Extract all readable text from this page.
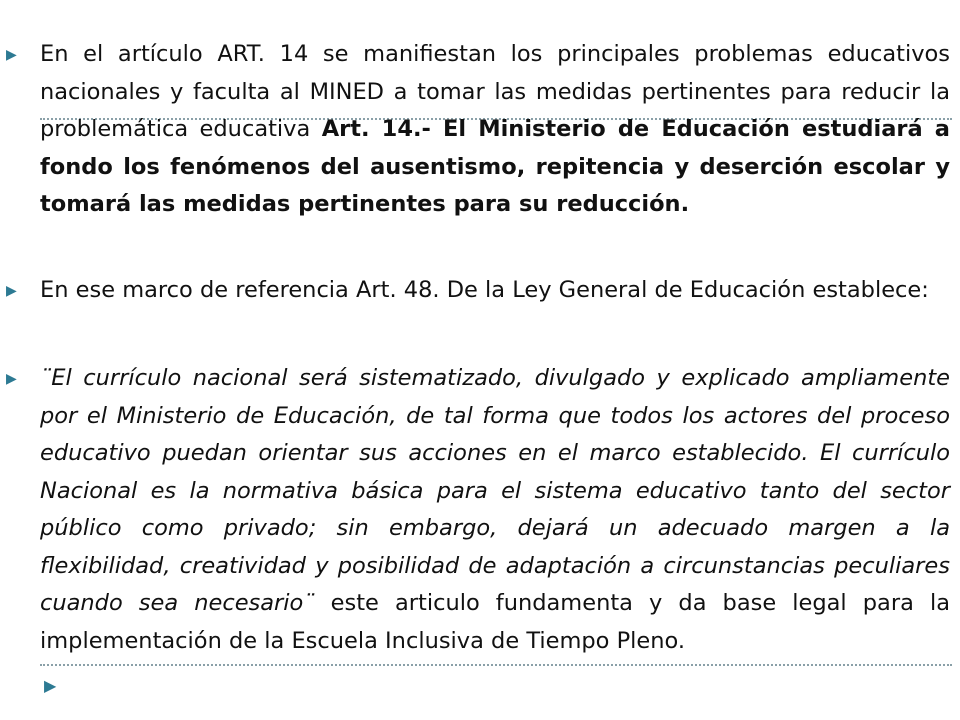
▶ En el artículo ART. 14 se manifiestan los principales problemas educativos nacionales y faculta al MINED a tomar las medidas pertinentes para reducir la problemática educativa Art. 14.- El Ministerio de Educación estudiará a fondo los fenómenos del ausentismo, repitencia y deserción escolar y tomará las medidas pertinentes para su reducción.

▶ En ese marco de referencia Art. 48. De la Ley General de Educación establece:

▶ ¨El currículo nacional será sistematizado, divulgado y explicado ampliamente por el Ministerio de Educación, de tal forma que todos los actores del proceso educativo puedan orientar sus acciones en el marco establecido. El currículo Nacional es la normativa básica para el sistema educativo tanto del sector público como privado; sin embargo, dejará un adecuado margen a la flexibilidad, creatividad y posibilidad de adaptación a circunstancias peculiares cuando sea necesario¨ este articulo fundamenta y da base legal para la implementación de la Escuela Inclusiva de Tiempo Pleno.

▶
